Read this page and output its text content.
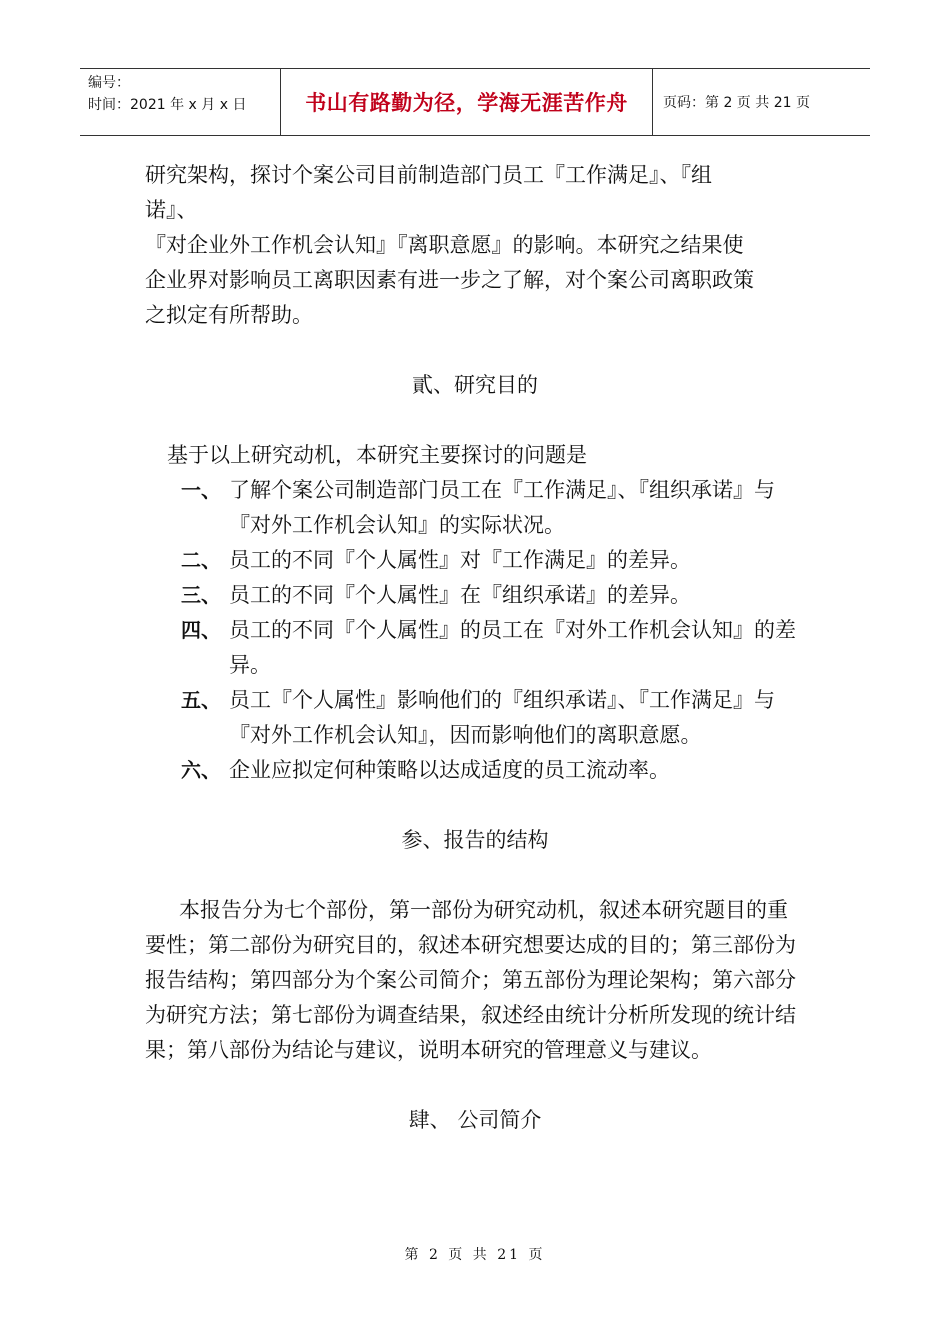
编号：
时间：2021 年 x 月 x 日	书山有路勤为径，学海无涯苦作舟	页码：第 2 页 共 21 页

研究架构，探讨个案公司目前制造部门员工『工作满足』、『组

诺』、

『对企业外工作机会认知』『离职意愿』的影响。本研究之结果使

企业界对影响员工离职因素有进一步之了解，对个案公司离职政策

之拟定有所帮助。

貳、研究目的

基于以上研究动机，本研究主要探讨的问题是

一、 了解个案公司制造部门员工在『工作满足』、『组织承诺』与『对外工作机会认知』的实际状况。
二、 员工的不同『个人属性』对『工作满足』的差异。
三、 员工的不同『个人属性』在『组织承诺』的差异。
四、 员工的不同『个人属性』的员工在『对外工作机会认知』的差异。
五、 员工『个人属性』影响他们的『组织承诺』、『工作满足』与『对外工作机会认知』，因而影响他们的离职意愿。
六、 企业应拟定何种策略以达成适度的员工流动率。
参、报告的结构

本报告分为七个部份，第一部份为研究动机，叙述本研究题目的重要性；第二部份为研究目的，叙述本研究想要达成的目的；第三部份为报告结构；第四部分为个案公司简介；第五部份为理论架构；第六部分为研究方法；第七部份为调查结果，叙述经由统计分析所发现的统计结果；第八部份为结论与建议，说明本研究的管理意义与建议。

肆、 公司简介
第 2 页 共 21 页
